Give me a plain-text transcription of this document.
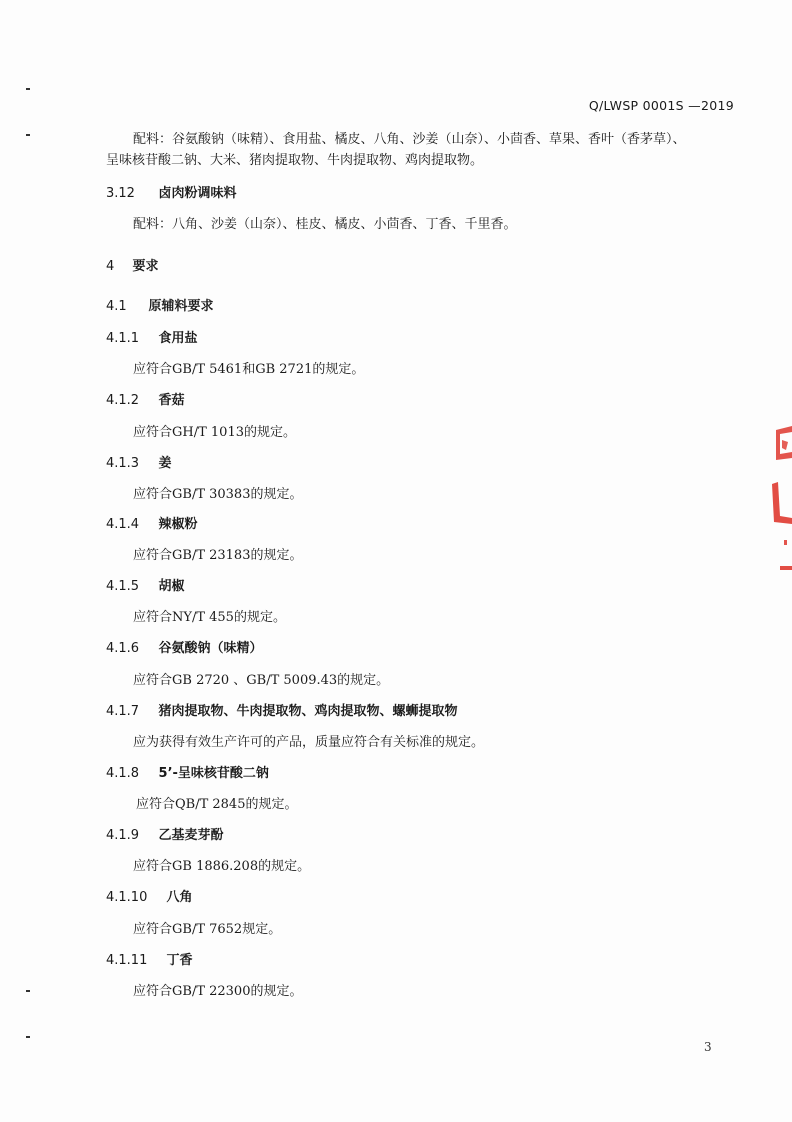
Q/LWSP 0001S —2019
配料：谷氨酸钠（味精）、食用盐、橘皮、八角、沙姜（山奈）、小茴香、草果、香叶（香茅草）、
呈味核苷酸二钠、大米、猪肉提取物、牛肉提取物、鸡肉提取物。
3.12 卤肉粉调味料
配料：八角、沙姜（山奈）、桂皮、橘皮、小茴香、丁香、千里香。
4 要求
4.1 原辅料要求
4.1.1 食用盐
应符合GB/T 5461和GB 2721的规定。
4.1.2 香菇
应符合GH/T 1013的规定。
4.1.3 姜
应符合GB/T 30383的规定。
4.1.4 辣椒粉
应符合GB/T 23183的规定。
4.1.5 胡椒
应符合NY/T 455的规定。
4.1.6 谷氨酸钠（味精）
应符合GB 2720 、GB/T 5009.43的规定。
4.1.7 猪肉提取物、牛肉提取物、鸡肉提取物、螺蛳提取物
应为获得有效生产许可的产品，质量应符合有关标准的规定。
4.1.8 5’-呈味核苷酸二钠
应符合QB/T 2845的规定。
4.1.9 乙基麦芽酚
应符合GB 1886.208的规定。
4.1.10 八角
应符合GB/T 7652规定。
4.1.11 丁香
应符合GB/T 22300的规定。
3
